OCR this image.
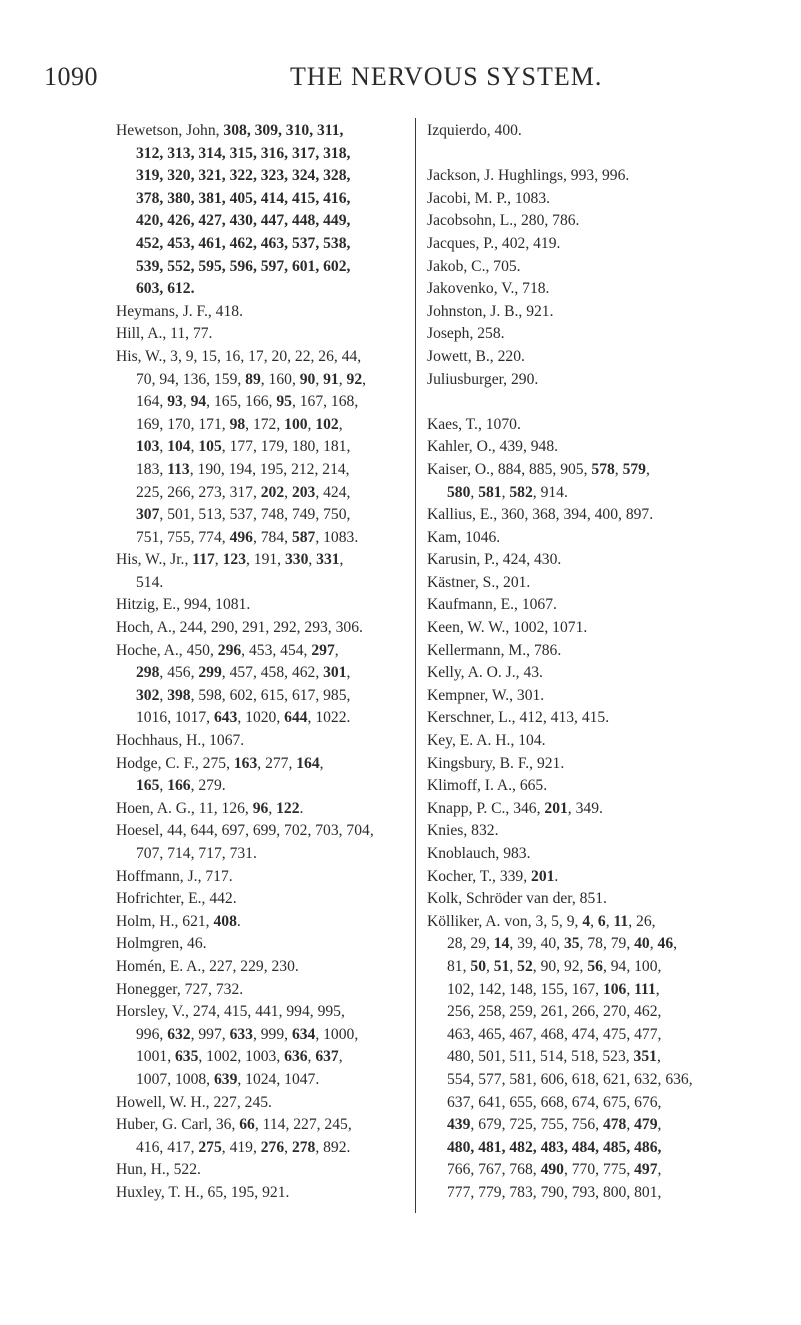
1090	THE NERVOUS SYSTEM.
Hewetson, John, 308, 309, 310, 311,
312, 313, 314, 315, 316, 317, 318,
319, 320, 321, 322, 323, 324, 328,
378, 380, 381, 405, 414, 415, 416,
420, 426, 427, 430, 447, 448, 449,
452, 453, 461, 462, 463, 537, 538,
539, 552, 595, 596, 597, 601, 602,
603, 612.
Heymans, J. F., 418.
Hill, A., 11, 77.
His, W., 3, 9, 15, 16, 17, 20, 22, 26, 44,
70, 94, 136, 159, 89, 160, 90, 91, 92,
164, 93, 94, 165, 166, 95, 167, 168,
169, 170, 171, 98, 172, 100, 102,
103, 104, 105, 177, 179, 180, 181,
183, 113, 190, 194, 195, 212, 214,
225, 266, 273, 317, 202, 203, 424,
307, 501, 513, 537, 748, 749, 750,
751, 755, 774, 496, 784, 587, 1083.
His, W., Jr., 117, 123, 191, 330, 331,
514.
Hitzig, E., 994, 1081.
Hoch, A., 244, 290, 291, 292, 293, 306.
Hoche, A., 450, 296, 453, 454, 297,
298, 456, 299, 457, 458, 462, 301,
302, 398, 598, 602, 615, 617, 985,
1016, 1017, 643, 1020, 644, 1022.
Hochhaus, H., 1067.
Hodge, C. F., 275, 163, 277, 164,
165, 166, 279.
Hoen, A. G., 11, 126, 96, 122.
Hoesel, 44, 644, 697, 699, 702, 703, 704,
707, 714, 717, 731.
Hoffmann, J., 717.
Hofrichter, E., 442.
Holm, H., 621, 408.
Holmgren, 46.
Homén, E. A., 227, 229, 230.
Honegger, 727, 732.
Horsley, V., 274, 415, 441, 994, 995,
996, 632, 997, 633, 999, 634, 1000,
1001, 635, 1002, 1003, 636, 637,
1007, 1008, 639, 1024, 1047.
Howell, W. H., 227, 245.
Huber, G. Carl, 36, 66, 114, 227, 245,
416, 417, 275, 419, 276, 278, 892.
Hun, H., 522.
Huxley, T. H., 65, 195, 921.
Izquierdo, 400.
Jackson, J. Hughlings, 993, 996.
Jacobi, M. P., 1083.
Jacobsohn, L., 280, 786.
Jacques, P., 402, 419.
Jakob, C., 705.
Jakovenko, V., 718.
Johnston, J. B., 921.
Joseph, 258.
Jowett, B., 220.
Juliusburger, 290.
Kaes, T., 1070.
Kahler, O., 439, 948.
Kaiser, O., 884, 885, 905, 578, 579,
580, 581, 582, 914.
Kallius, E., 360, 368, 394, 400, 897.
Kam, 1046.
Karusin, P., 424, 430.
Kästner, S., 201.
Kaufmann, E., 1067.
Keen, W. W., 1002, 1071.
Kellermann, M., 786.
Kelly, A. O. J., 43.
Kempner, W., 301.
Kerschner, L., 412, 413, 415.
Key, E. A. H., 104.
Kingsbury, B. F., 921.
Klimoff, I. A., 665.
Knapp, P. C., 346, 201, 349.
Knies, 832.
Knoblauch, 983.
Kocher, T., 339, 201.
Kolk, Schröder van der, 851.
Kölliker, A. von, 3, 5, 9, 4, 6, 11, 26,
28, 29, 14, 39, 40, 35, 78, 79, 40, 46,
81, 50, 51, 52, 90, 92, 56, 94, 100,
102, 142, 148, 155, 167, 106, 111,
256, 258, 259, 261, 266, 270, 462,
463, 465, 467, 468, 474, 475, 477,
480, 501, 511, 514, 518, 523, 351,
554, 577, 581, 606, 618, 621, 632, 636,
637, 641, 655, 668, 674, 675, 676,
439, 679, 725, 755, 756, 478, 479,
480, 481, 482, 483, 484, 485, 486,
766, 767, 768, 490, 770, 775, 497,
777, 779, 783, 790, 793, 800, 801,
